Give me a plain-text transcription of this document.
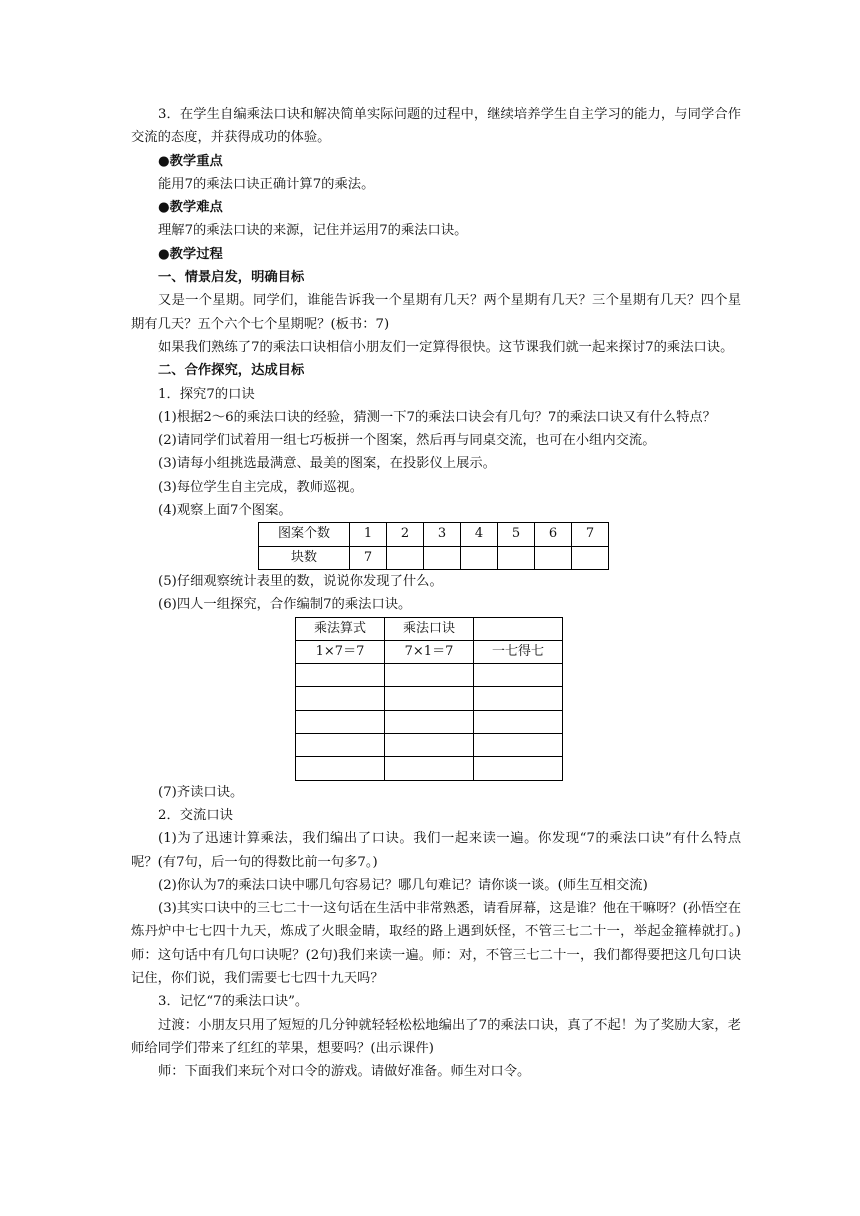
3．在学生自编乘法口诀和解决简单实际问题的过程中，继续培养学生自主学习的能力，与同学合作交流的态度，并获得成功的体验。

●教学重点

能用7的乘法口诀正确计算7的乘法。

●教学难点

理解7的乘法口诀的来源，记住并运用7的乘法口诀。

●教学过程

一、情景启发，明确目标

又是一个星期。同学们，谁能告诉我一个星期有几天？两个星期有几天？三个星期有几天？四个星期有几天？五个六个七个星期呢？(板书：7)

如果我们熟练了7的乘法口诀相信小朋友们一定算得很快。这节课我们就一起来探讨7的乘法口诀。

二、合作探究，达成目标

1．探究7的口诀

(1)根据2～6的乘法口诀的经验，猜测一下7的乘法口诀会有几句？7的乘法口诀又有什么特点？

(2)请同学们试着用一组七巧板拼一个图案，然后再与同桌交流，也可在小组内交流。

(3)请每小组挑选最满意、最美的图案，在投影仪上展示。

(3)每位学生自主完成，教师巡视。

(4)观察上面7个图案。

图案个数	1	2	3	4	5	6	7
块数	7						

(5)仔细观察统计表里的数，说说你发现了什么。

(6)四人一组探究，合作编制7的乘法口诀。

乘法算式	乘法口诀	
1×7＝7	7×1＝7	一七得七

(7)齐读口诀。

2．交流口诀

(1)为了迅速计算乘法，我们编出了口诀。我们一起来读一遍。你发现“7的乘法口诀”有什么特点呢？(有7句，后一句的得数比前一句多7。)

(2)你认为7的乘法口诀中哪几句容易记？哪几句难记？请你谈一谈。(师生互相交流)

(3)其实口诀中的三七二十一这句话在生活中非常熟悉，请看屏幕，这是谁？他在干嘛呀？(孙悟空在炼丹炉中七七四十九天，炼成了火眼金睛，取经的路上遇到妖怪，不管三七二十一，举起金箍棒就打。)师：这句话中有几句口诀呢？(2句)我们来读一遍。师：对，不管三七二十一，我们都得要把这几句口诀记住，你们说，我们需要七七四十九天吗？

3．记忆“7的乘法口诀”。

过渡：小朋友只用了短短的几分钟就轻轻松松地编出了7的乘法口诀，真了不起！为了奖励大家，老师给同学们带来了红红的苹果，想要吗？(出示课件)

师：下面我们来玩个对口令的游戏。请做好准备。师生对口令。
